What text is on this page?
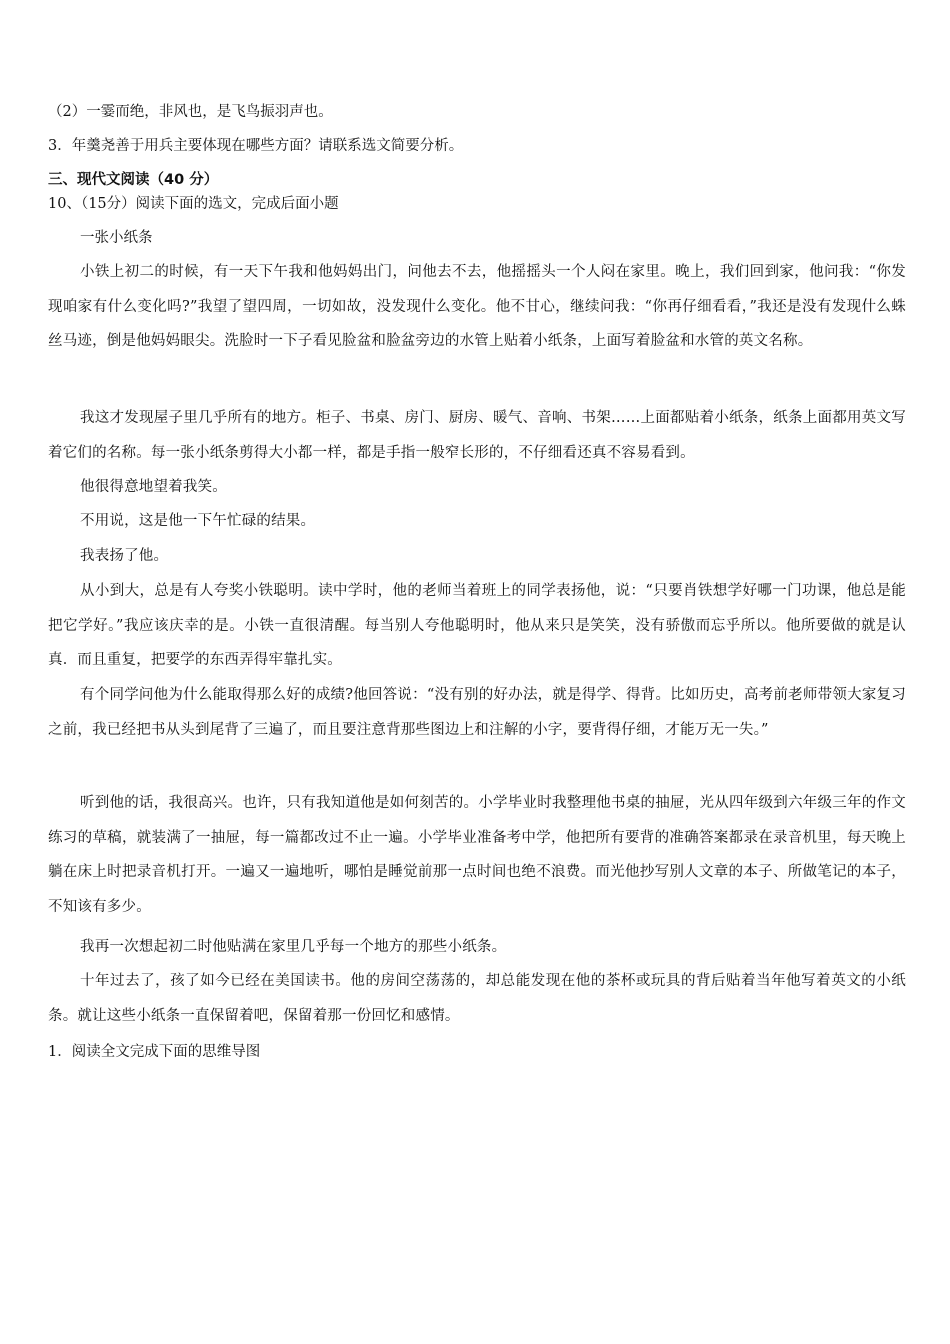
（2）一霎而绝，非风也，是飞鸟振羽声也。
3．年羹尧善于用兵主要体现在哪些方面？请联系选文简要分析。
三、现代文阅读（40 分）
10、（15分）阅读下面的选文，完成后面小题
一张小纸条
小铁上初二的时候，有一天下午我和他妈妈出门，问他去不去，他摇摇头一个人闷在家里。晚上，我们回到家，他问我：“你发现咱家有什么变化吗?”我望了望四周，一切如故，没发现什么变化。他不甘心，继续问我：“你再仔细看看，”我还是没有发现什么蛛丝马迹，倒是他妈妈眼尖。洗脸时一下子看见脸盆和脸盆旁边的水管上贴着小纸条，上面写着脸盆和水管的英文名称。
我这才发现屋子里几乎所有的地方。柜子、书桌、房门、厨房、暖气、音响、书架……上面都贴着小纸条，纸条上面都用英文写着它们的名称。每一张小纸条剪得大小都一样，都是手指一般窄长形的，不仔细看还真不容易看到。
他很得意地望着我笑。
不用说，这是他一下午忙碌的结果。
我表扬了他。
从小到大，总是有人夸奖小铁聪明。读中学时，他的老师当着班上的同学表扬他，说：“只要肖铁想学好哪一门功课，他总是能把它学好。”我应该庆幸的是。小铁一直很清醒。每当别人夸他聪明时，他从来只是笑笑，没有骄傲而忘乎所以。他所要做的就是认真．而且重复，把要学的东西弄得牢靠扎实。
有个同学问他为什么能取得那么好的成绩?他回答说：“没有别的好办法，就是得学、得背。比如历史，高考前老师带领大家复习之前，我已经把书从头到尾背了三遍了，而且要注意背那些图边上和注解的小字，要背得仔细，才能万无一失。”
听到他的话，我很高兴。也许，只有我知道他是如何刻苦的。小学毕业时我整理他书桌的抽屉，光从四年级到六年级三年的作文练习的草稿，就装满了一抽屉，每一篇都改过不止一遍。小学毕业准备考中学，他把所有要背的准确答案都录在录音机里，每天晚上躺在床上时把录音机打开。一遍又一遍地听，哪怕是睡觉前那一点时间也绝不浪费。而光他抄写别人文章的本子、所做笔记的本子，不知该有多少。
我再一次想起初二时他贴满在家里几乎每一个地方的那些小纸条。
十年过去了，孩了如今已经在美国读书。他的房间空荡荡的，却总能发现在他的茶杯或玩具的背后贴着当年他写着英文的小纸条。就让这些小纸条一直保留着吧，保留着那一份回忆和感情。
1．阅读全文完成下面的思维导图
